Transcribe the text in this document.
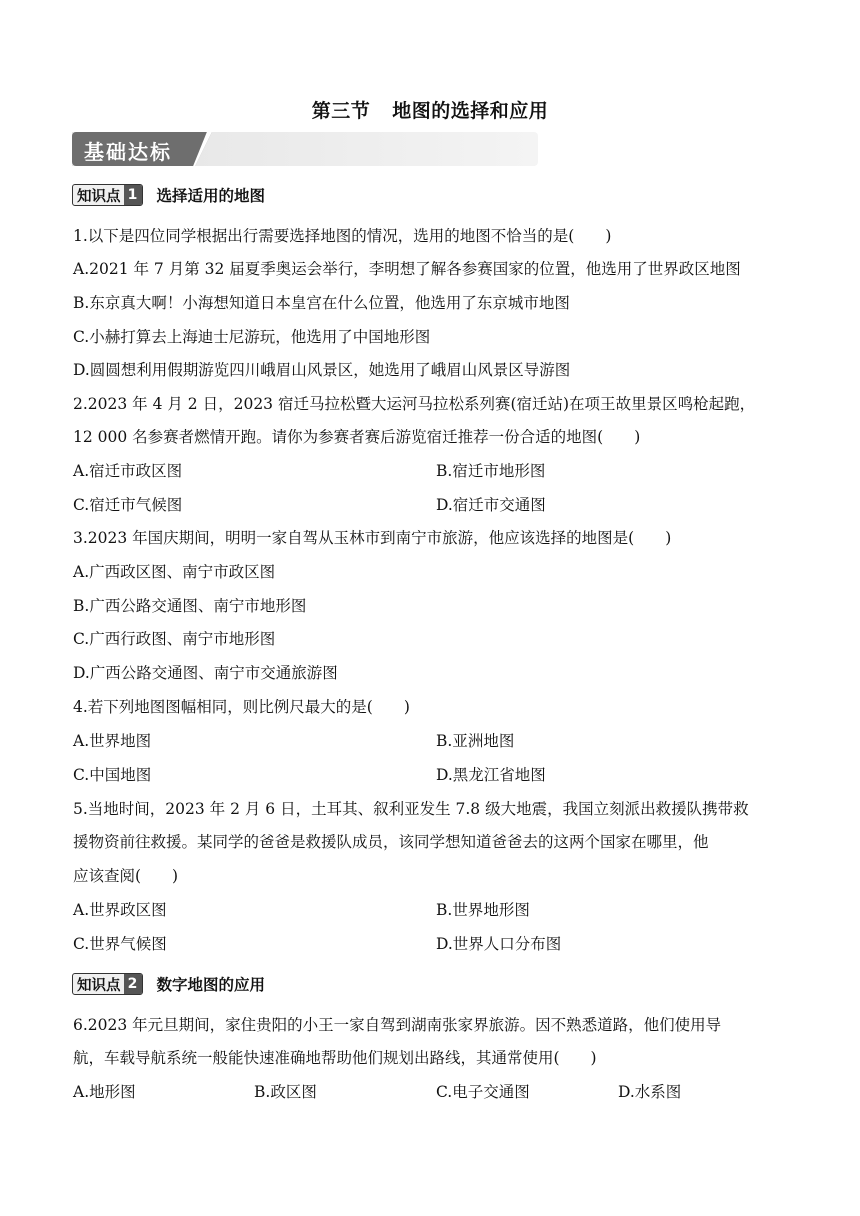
第三节 地图的选择和应用
基础达标
知识点 1 选择适用的地图
1.以下是四位同学根据出行需要选择地图的情况，选用的地图不恰当的是(　　)
A.2021 年 7 月第 32 届夏季奥运会举行，李明想了解各参赛国家的位置，他选用了世界政区地图
B.东京真大啊！小海想知道日本皇宫在什么位置，他选用了东京城市地图
C.小赫打算去上海迪士尼游玩，他选用了中国地形图
D.圆圆想利用假期游览四川峨眉山风景区，她选用了峨眉山风景区导游图
2.2023 年 4 月 2 日，2023 宿迁马拉松暨大运河马拉松系列赛(宿迁站)在项王故里景区鸣枪起跑，
12 000 名参赛者燃情开跑。请你为参赛者赛后游览宿迁推荐一份合适的地图(　　)
A.宿迁市政区图	B.宿迁市地形图
C.宿迁市气候图	D.宿迁市交通图
3.2023 年国庆期间，明明一家自驾从玉林市到南宁市旅游，他应该选择的地图是(　　)
A.广西政区图、南宁市政区图
B.广西公路交通图、南宁市地形图
C.广西行政图、南宁市地形图
D.广西公路交通图、南宁市交通旅游图
4.若下列地图图幅相同，则比例尺最大的是(　　)
A.世界地图	B.亚洲地图
C.中国地图	D.黑龙江省地图
5.当地时间，2023 年 2 月 6 日，土耳其、叙利亚发生 7.8 级大地震，我国立刻派出救援队携带救
援物资前往救援。某同学的爸爸是救援队成员，该同学想知道爸爸去的这两个国家在哪里，他
应该查阅(　　)
A.世界政区图	B.世界地形图
C.世界气候图	D.世界人口分布图
知识点 2 数字地图的应用
6.2023 年元旦期间，家住贵阳的小王一家自驾到湖南张家界旅游。因不熟悉道路，他们使用导
航，车载导航系统一般能快速准确地帮助他们规划出路线，其通常使用(　　)
A.地形图	B.政区图	C.电子交通图	D.水系图
